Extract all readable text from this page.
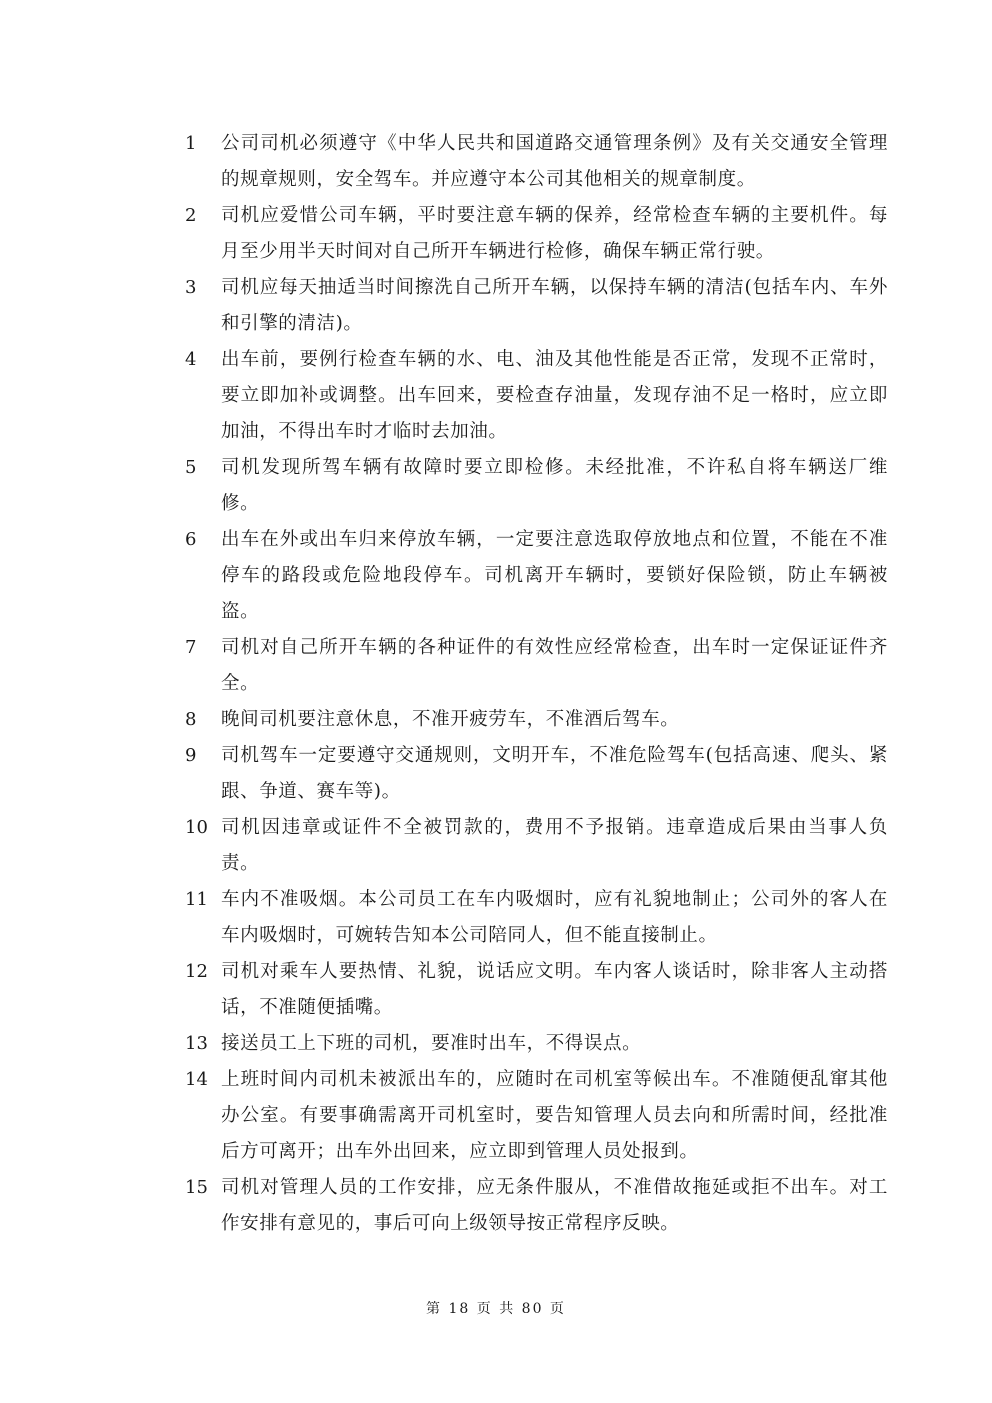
1	公司司机必须遵守《中华人民共和国道路交通管理条例》及有关交通安全管理的规章规则，安全驾车。并应遵守本公司其他相关的规章制度。
2	司机应爱惜公司车辆，平时要注意车辆的保养，经常检查车辆的主要机件。每月至少用半天时间对自己所开车辆进行检修，确保车辆正常行驶。
3	司机应每天抽适当时间擦洗自己所开车辆，以保持车辆的清洁(包括车内、车外和引擎的清洁)。
4	出车前，要例行检查车辆的水、电、油及其他性能是否正常，发现不正常时，要立即加补或调整。出车回来，要检查存油量，发现存油不足一格时，应立即加油，不得出车时才临时去加油。
5	司机发现所驾车辆有故障时要立即检修。未经批准，不许私自将车辆送厂维修。
6	出车在外或出车归来停放车辆，一定要注意选取停放地点和位置，不能在不准停车的路段或危险地段停车。司机离开车辆时，要锁好保险锁，防止车辆被盗。
7	司机对自己所开车辆的各种证件的有效性应经常检查，出车时一定保证证件齐全。
8	晚间司机要注意休息，不准开疲劳车，不准酒后驾车。
9	司机驾车一定要遵守交通规则，文明开车，不准危险驾车(包括高速、爬头、紧跟、争道、赛车等)。
10 司机因违章或证件不全被罚款的，费用不予报销。违章造成后果由当事人负责。
11 车内不准吸烟。本公司员工在车内吸烟时，应有礼貌地制止；公司外的客人在车内吸烟时，可婉转告知本公司陪同人，但不能直接制止。
12 司机对乘车人要热情、礼貌，说话应文明。车内客人谈话时，除非客人主动搭话，不准随便插嘴。
13 接送员工上下班的司机，要准时出车，不得误点。
14 上班时间内司机未被派出车的，应随时在司机室等候出车。不准随便乱窜其他办公室。有要事确需离开司机室时，要告知管理人员去向和所需时间，经批准后方可离开；出车外出回来，应立即到管理人员处报到。
15 司机对管理人员的工作安排，应无条件服从，不准借故拖延或拒不出车。对工作安排有意见的，事后可向上级领导按正常程序反映。
第 18 页 共 80 页
